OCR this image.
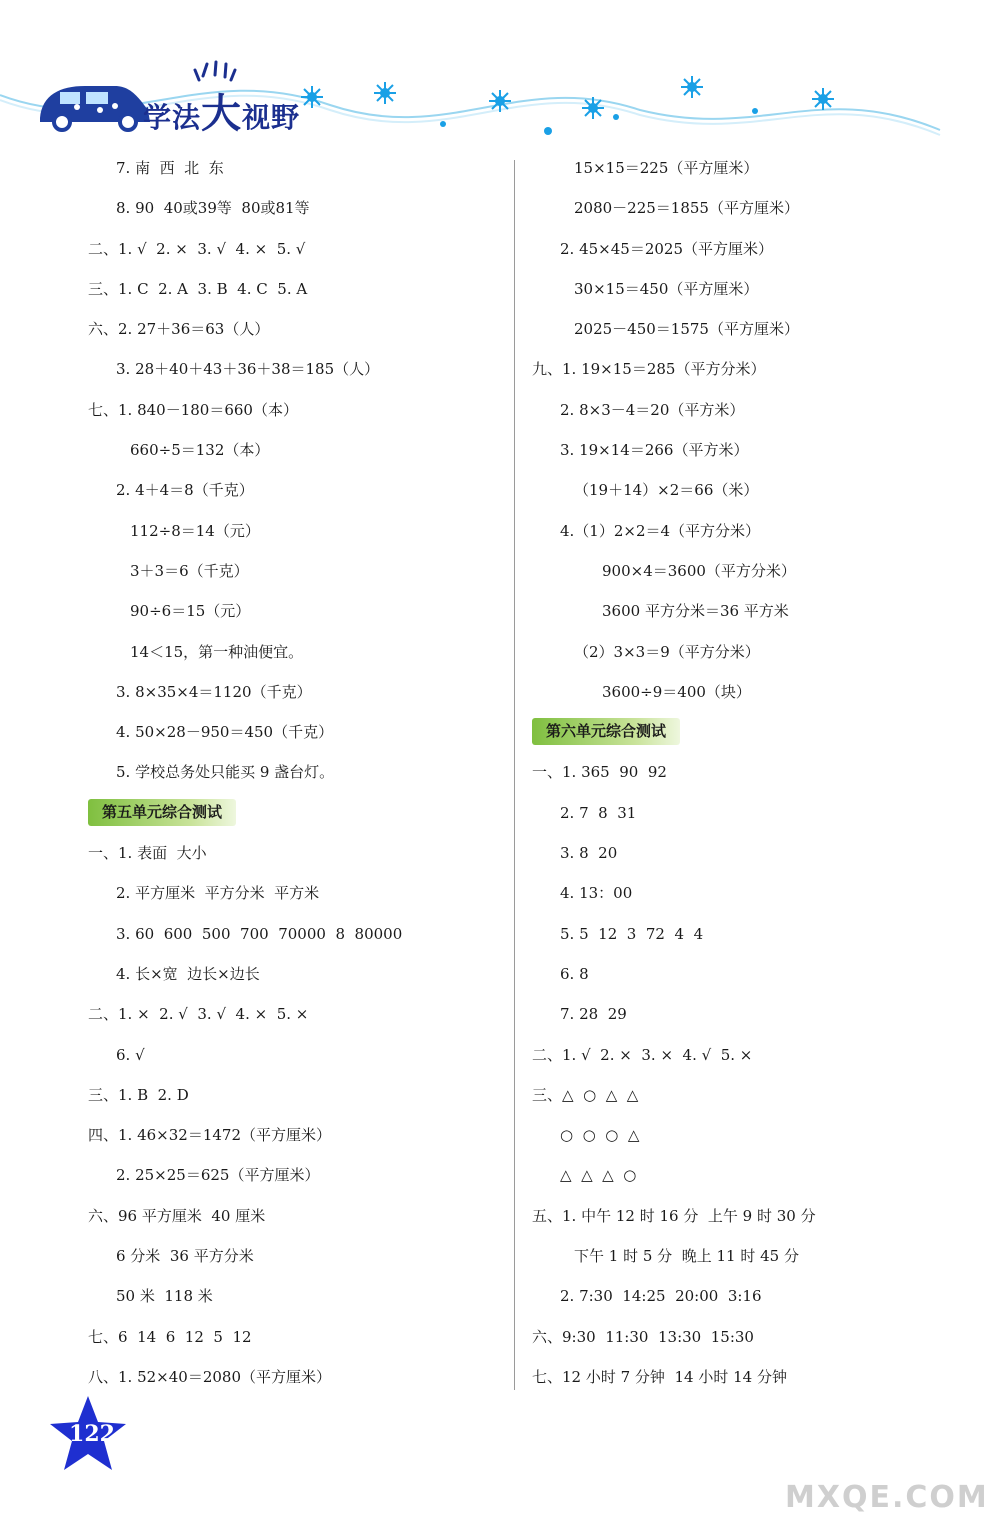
学法大视野
7. 南  西  北  东
8. 90  40或39等  80或81等
二、1. √  2. ×  3. √  4. ×  5. √
三、1. C  2. A  3. B  4. C  5. A
六、2. 27＋36＝63（人）
3. 28＋40＋43＋36＋38＝185（人）
七、1. 840－180＝660（本）
660÷5＝132（本）
2. 4＋4＝8（千克）
112÷8＝14（元）
3＋3＝6（千克）
90÷6＝15（元）
14＜15，第一种油便宜。
3. 8×35×4＝1120（千克）
4. 50×28－950＝450（千克）
5. 学校总务处只能买 9 盏台灯。
第五单元综合测试
一、1. 表面  大小
2. 平方厘米  平方分米  平方米
3. 60  600  500  700  70000  8  80000
4. 长×宽  边长×边长
二、1. ×  2. √  3. √  4. ×  5. ×
6. √
三、1. B  2. D
四、1. 46×32＝1472（平方厘米）
2. 25×25＝625（平方厘米）
六、96 平方厘米  40 厘米
6 分米  36 平方分米
50 米  118 米
七、6  14  6  12  5  12
八、1. 52×40＝2080（平方厘米）
15×15＝225（平方厘米）
2080－225＝1855（平方厘米）
2. 45×45＝2025（平方厘米）
30×15＝450（平方厘米）
2025－450＝1575（平方厘米）
九、1. 19×15＝285（平方分米）
2. 8×3－4＝20（平方米）
3. 19×14＝266（平方米）
（19＋14）×2＝66（米）
4.（1）2×2＝4（平方分米）
900×4＝3600（平方分米）
3600 平方分米＝36 平方米
（2）3×3＝9（平方分米）
3600÷9＝400（块）
第六单元综合测试
一、1. 365  90  92
2. 7  8  31
3. 8  20
4. 13：00
5. 5  12  3  72  4  4
6. 8
7. 28  29
二、1. √  2. ×  3. ×  4. √  5. ×
三、△  ○  △  △
○  ○  ○  △
△  △  △  ○
五、1. 中午 12 时 16 分  上午 9 时 30 分
下午 1 时 5 分  晚上 11 时 45 分
2. 7:30  14:25  20:00  3:16
六、9:30  11:30  13:30  15:30
七、12 小时 7 分钟  14 小时 14 分钟
122
MXQE.COM
